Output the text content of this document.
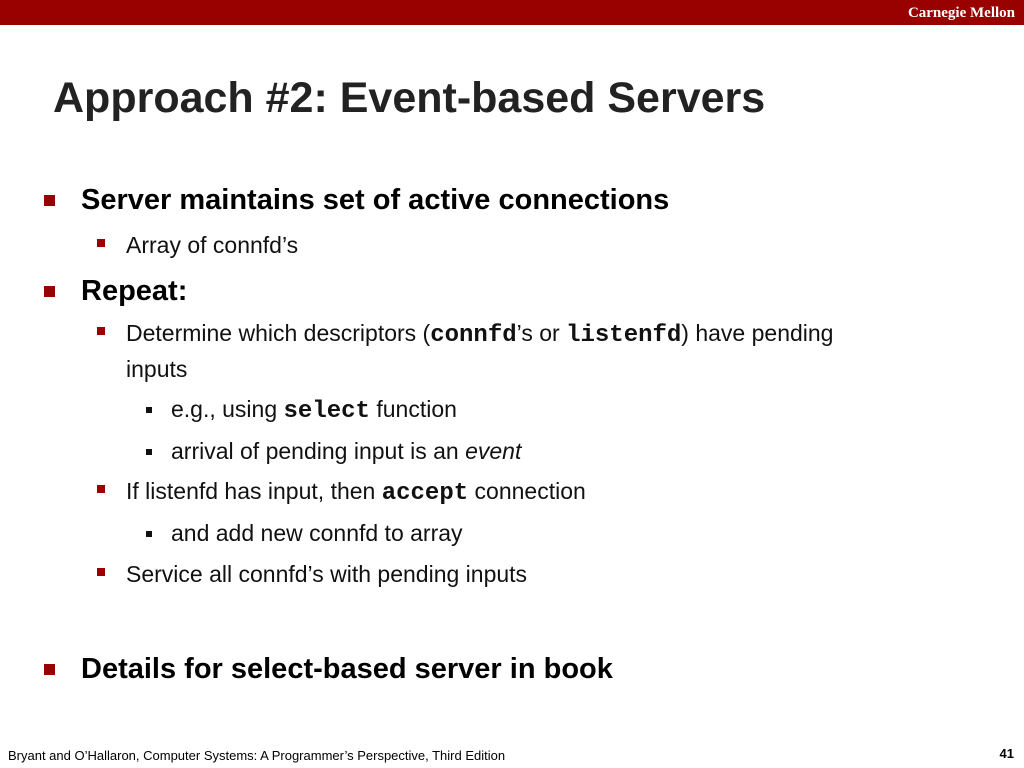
Carnegie Mellon
Approach #2: Event-based Servers
Server maintains set of active connections
Array of connfd’s
Repeat:
Determine which descriptors (connfd’s or listenfd) have pending
inputs
e.g., using select function
arrival of pending input is an event
If listenfd has input, then accept connection
and add new connfd to array
Service all connfd’s with pending inputs
Details for select-based server in book
Bryant and O’Hallaron, Computer Systems: A Programmer’s Perspective, Third Edition	41
